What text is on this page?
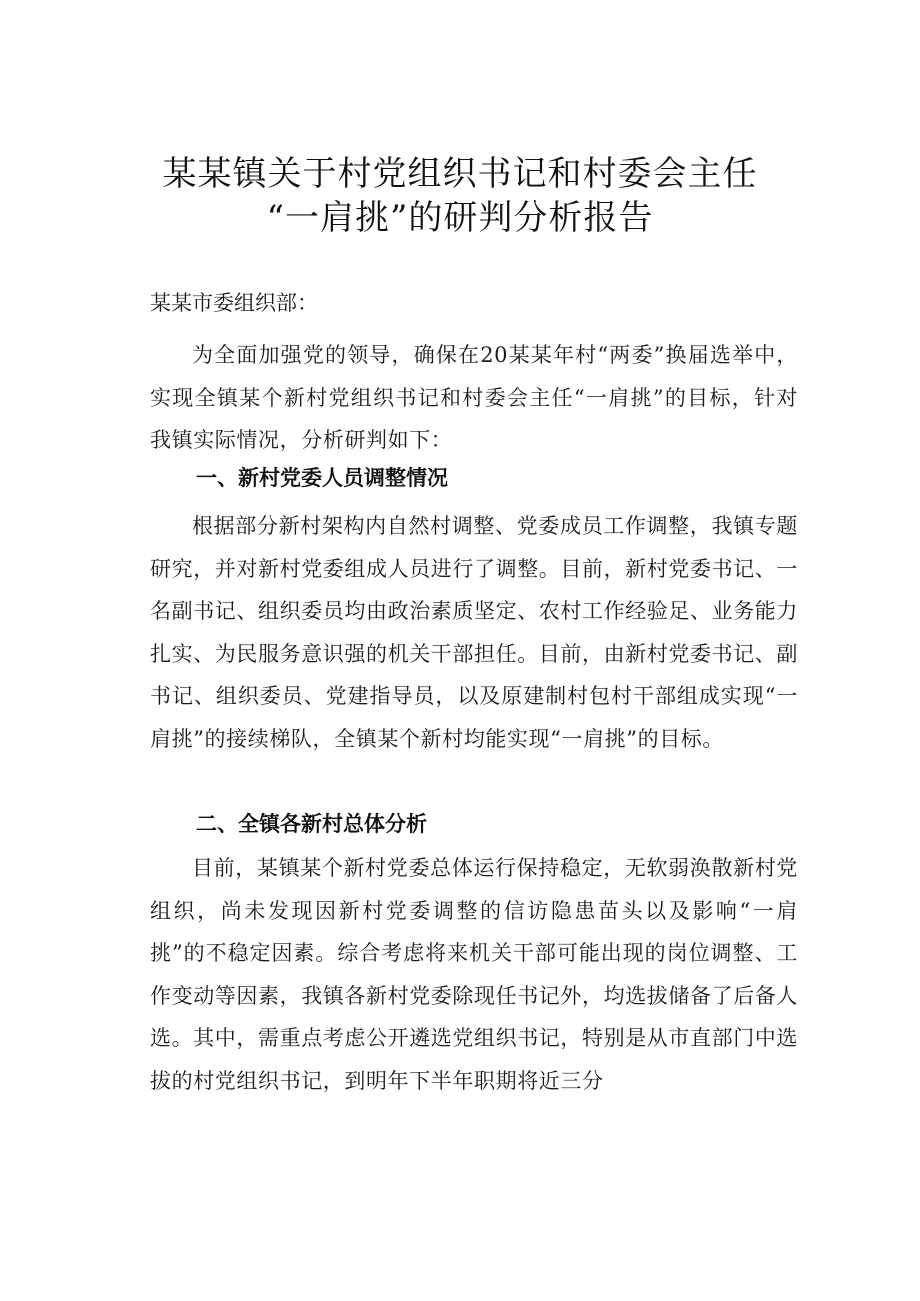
某某镇关于村党组织书记和村委会主任
“一肩挑”的研判分析报告

某某市委组织部：

为全面加强党的领导，确保在20某某年村“两委”换届选举中，实现全镇某个新村党组织书记和村委会主任“一肩挑”的目标，针对我镇实际情况，分析研判如下：

一、新村党委人员调整情况

根据部分新村架构内自然村调整、党委成员工作调整，我镇专题研究，并对新村党委组成人员进行了调整。目前，新村党委书记、一名副书记、组织委员均由政治素质坚定、农村工作经验足、业务能力扎实、为民服务意识强的机关干部担任。目前，由新村党委书记、副书记、组织委员、党建指导员，以及原建制村包村干部组成实现“一肩挑”的接续梯队，全镇某个新村均能实现“一肩挑”的目标。

二、全镇各新村总体分析

目前，某镇某个新村党委总体运行保持稳定，无软弱涣散新村党组织，尚未发现因新村党委调整的信访隐患苗头以及影响“一肩挑”的不稳定因素。综合考虑将来机关干部可能出现的岗位调整、工作变动等因素，我镇各新村党委除现任书记外，均选拔储备了后备人选。其中，需重点考虑公开遴选党组织书记，特别是从市直部门中选拔的村党组织书记，到明年下半年职期将近三分
